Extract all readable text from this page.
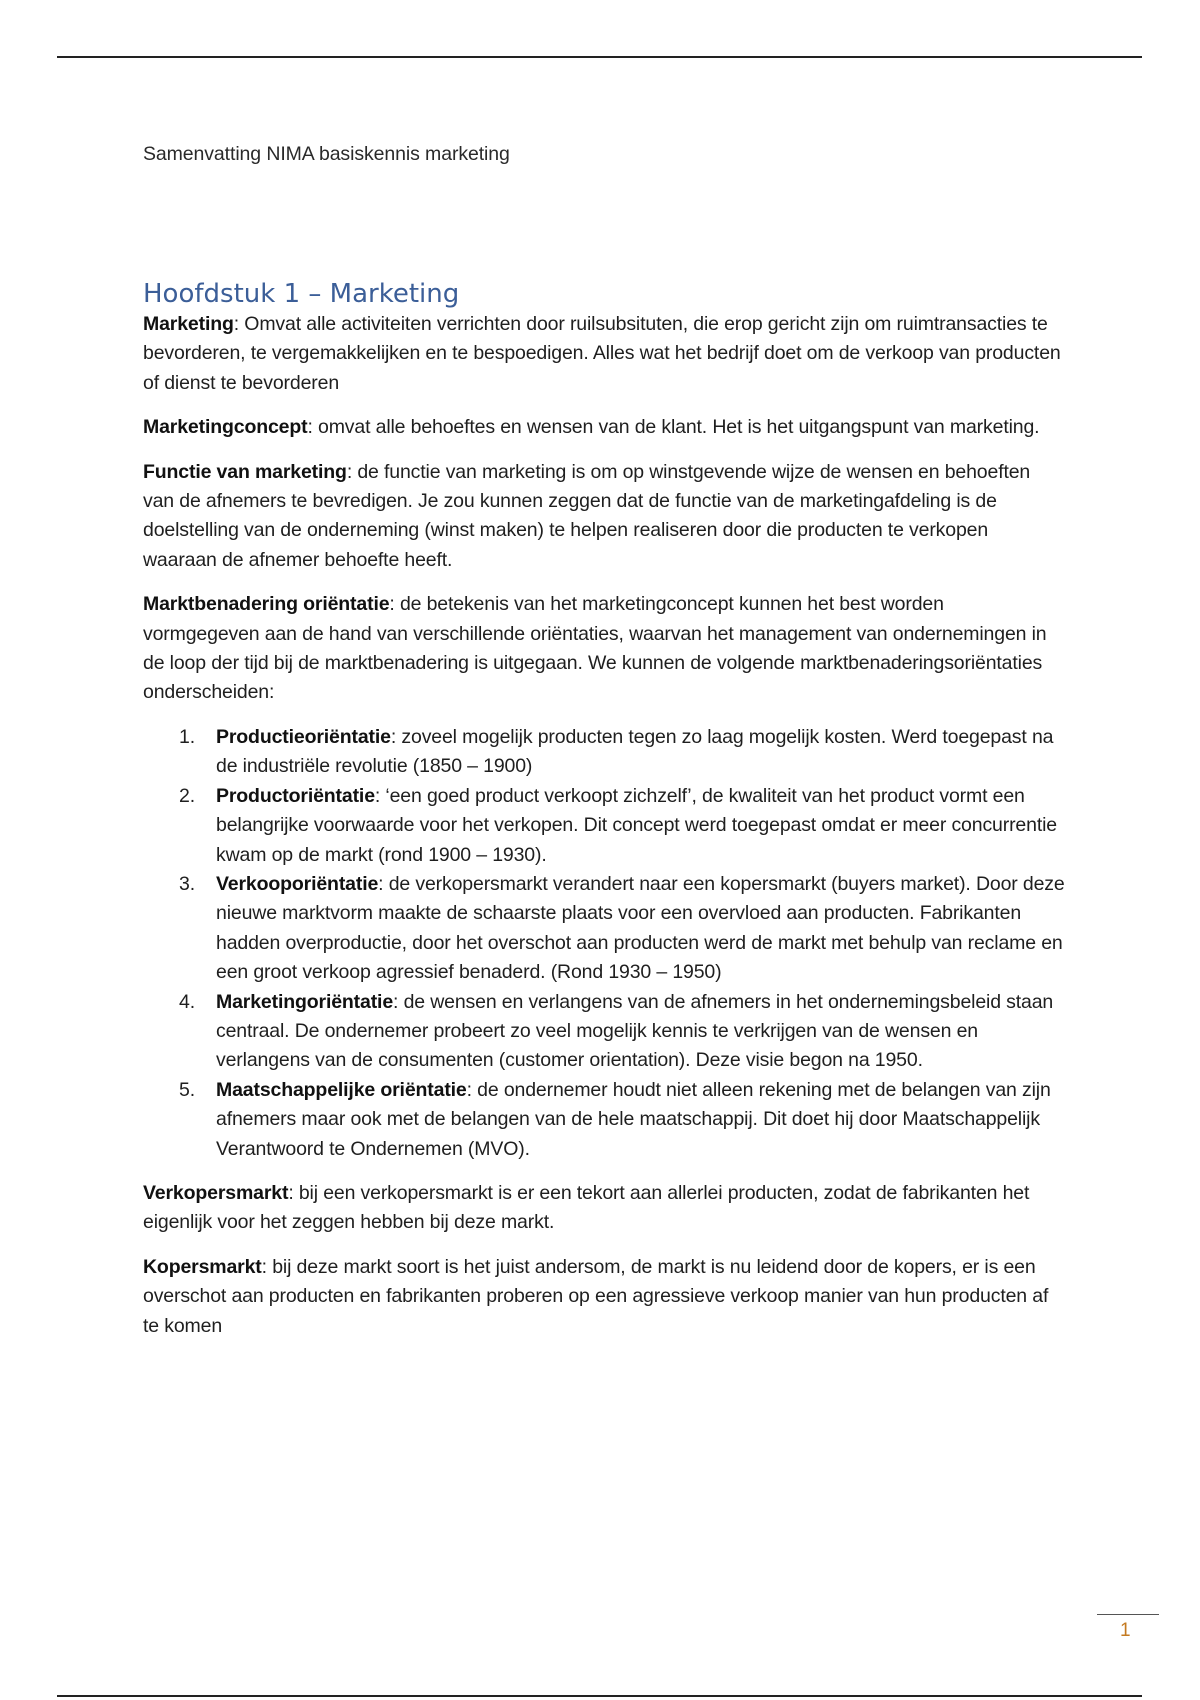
Samenvatting NIMA basiskennis marketing
Hoofdstuk 1 – Marketing

Marketing: Omvat alle activiteiten verrichten door ruilsubsituten, die erop gericht zijn om ruimtransacties te bevorderen, te vergemakkelijken en te bespoedigen. Alles wat het bedrijf doet om de verkoop van producten of dienst te bevorderen

Marketingconcept: omvat alle behoeftes en wensen van de klant. Het is het uitgangspunt van marketing.

Functie van marketing: de functie van marketing is om op winstgevende wijze de wensen en behoeften van de afnemers te bevredigen. Je zou kunnen zeggen dat de functie van de marketingafdeling is de doelstelling van de onderneming (winst maken) te helpen realiseren door die producten te verkopen waaraan de afnemer behoefte heeft.

Marktbenadering oriëntatie: de betekenis van het marketingconcept kunnen het best worden vormgegeven aan de hand van verschillende oriëntaties, waarvan het management van ondernemingen in de loop der tijd bij de marktbenadering is uitgegaan. We kunnen de volgende marktbenaderingsoriëntaties onderscheiden:

1. Productieoriëntatie: zoveel mogelijk producten tegen zo laag mogelijk kosten. Werd toegepast na de industriële revolutie (1850 – 1900)
2. Productoriëntatie: ‘een goed product verkoopt zichzelf’, de kwaliteit van het product vormt een belangrijke voorwaarde voor het verkopen. Dit concept werd toegepast omdat er meer concurrentie kwam op de markt (rond 1900 – 1930).
3. Verkooporiëntatie: de verkopersmarkt verandert naar een kopersmarkt (buyers market). Door deze nieuwe marktvorm maakte de schaarste plaats voor een overvloed aan producten. Fabrikanten hadden overproductie, door het overschot aan producten werd de markt met behulp van reclame en een groot verkoop agressief benaderd. (Rond 1930 – 1950)
4. Marketingoriëntatie: de wensen en verlangens van de afnemers in het ondernemingsbeleid staan centraal. De ondernemer probeert zo veel mogelijk kennis te verkrijgen van de wensen en verlangens van de consumenten (customer orientation). Deze visie begon na 1950.
5. Maatschappelijke oriëntatie: de ondernemer houdt niet alleen rekening met de belangen van zijn afnemers maar ook met de belangen van de hele maatschappij. Dit doet hij door Maatschappelijk Verantwoord te Ondernemen (MVO).

Verkopersmarkt: bij een verkopersmarkt is er een tekort aan allerlei producten, zodat de fabrikanten het eigenlijk voor het zeggen hebben bij deze markt.

Kopersmarkt: bij deze markt soort is het juist andersom, de markt is nu leidend door de kopers, er is een overschot aan producten en fabrikanten proberen op een agressieve verkoop manier van hun producten af te komen

1
